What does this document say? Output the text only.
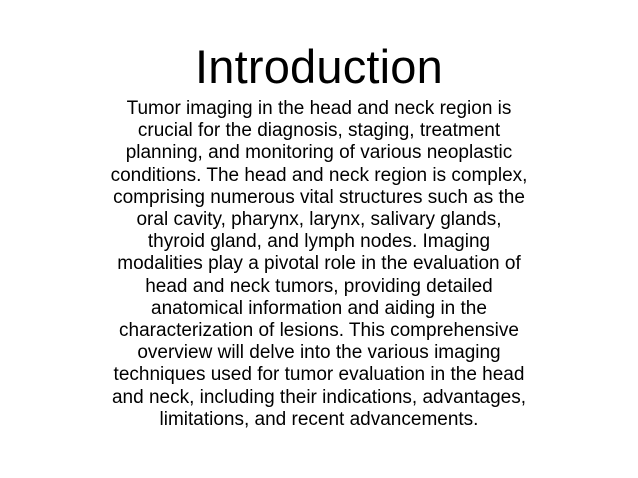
Introduction
Tumor imaging in the head and neck region is
crucial for the diagnosis, staging, treatment
planning, and monitoring of various neoplastic
conditions. The head and neck region is complex,
comprising numerous vital structures such as the
oral cavity, pharynx, larynx, salivary glands,
thyroid gland, and lymph nodes. Imaging
modalities play a pivotal role in the evaluation of
head and neck tumors, providing detailed
anatomical information and aiding in the
characterization of lesions. This comprehensive
overview will delve into the various imaging
techniques used for tumor evaluation in the head
and neck, including their indications, advantages,
limitations, and recent advancements.
